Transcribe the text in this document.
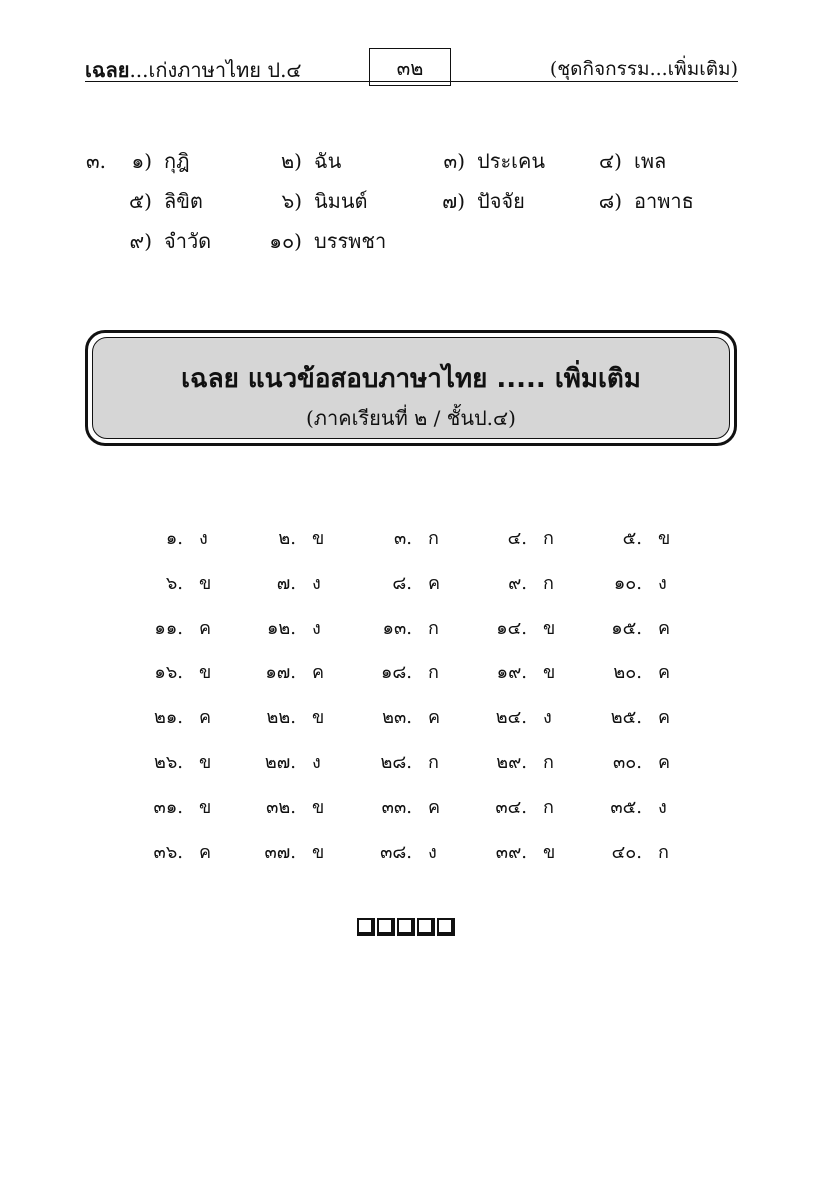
เฉลย...เก่งภาษาไทย ป.๔	๓๒	(ชุดกิจกรรม...เพิ่มเติม)
๓.	๑) กุฎิ	๒) ฉัน	๓) ประเคน	๔) เพล
๕) ลิขิต	๖) นิมนต์	๗) ปัจจัย	๘) อาพาธ
๙) จำวัด	๑๐) บรรพชา
เฉลย แนวข้อสอบภาษาไทย ..... เพิ่มเติม
(ภาคเรียนที่ ๒ / ชั้นป.๔)
๑. ง	๒. ข	๓. ก	๔. ก	๕. ข
๖. ข	๗. ง	๘. ค	๙. ก	๑๐. ง
๑๑. ค	๑๒. ง	๑๓. ก	๑๔. ข	๑๕. ค
๑๖. ข	๑๗. ค	๑๘. ก	๑๙. ข	๒๐. ค
๒๑. ค	๒๒. ข	๒๓. ค	๒๔. ง	๒๕. ค
๒๖. ข	๒๗. ง	๒๘. ก	๒๙. ก	๓๐. ค
๓๑. ข	๓๒. ข	๓๓. ค	๓๔. ก	๓๕. ง
๓๖. ค	๓๗. ข	๓๘. ง	๓๙. ข	๔๐. ก
